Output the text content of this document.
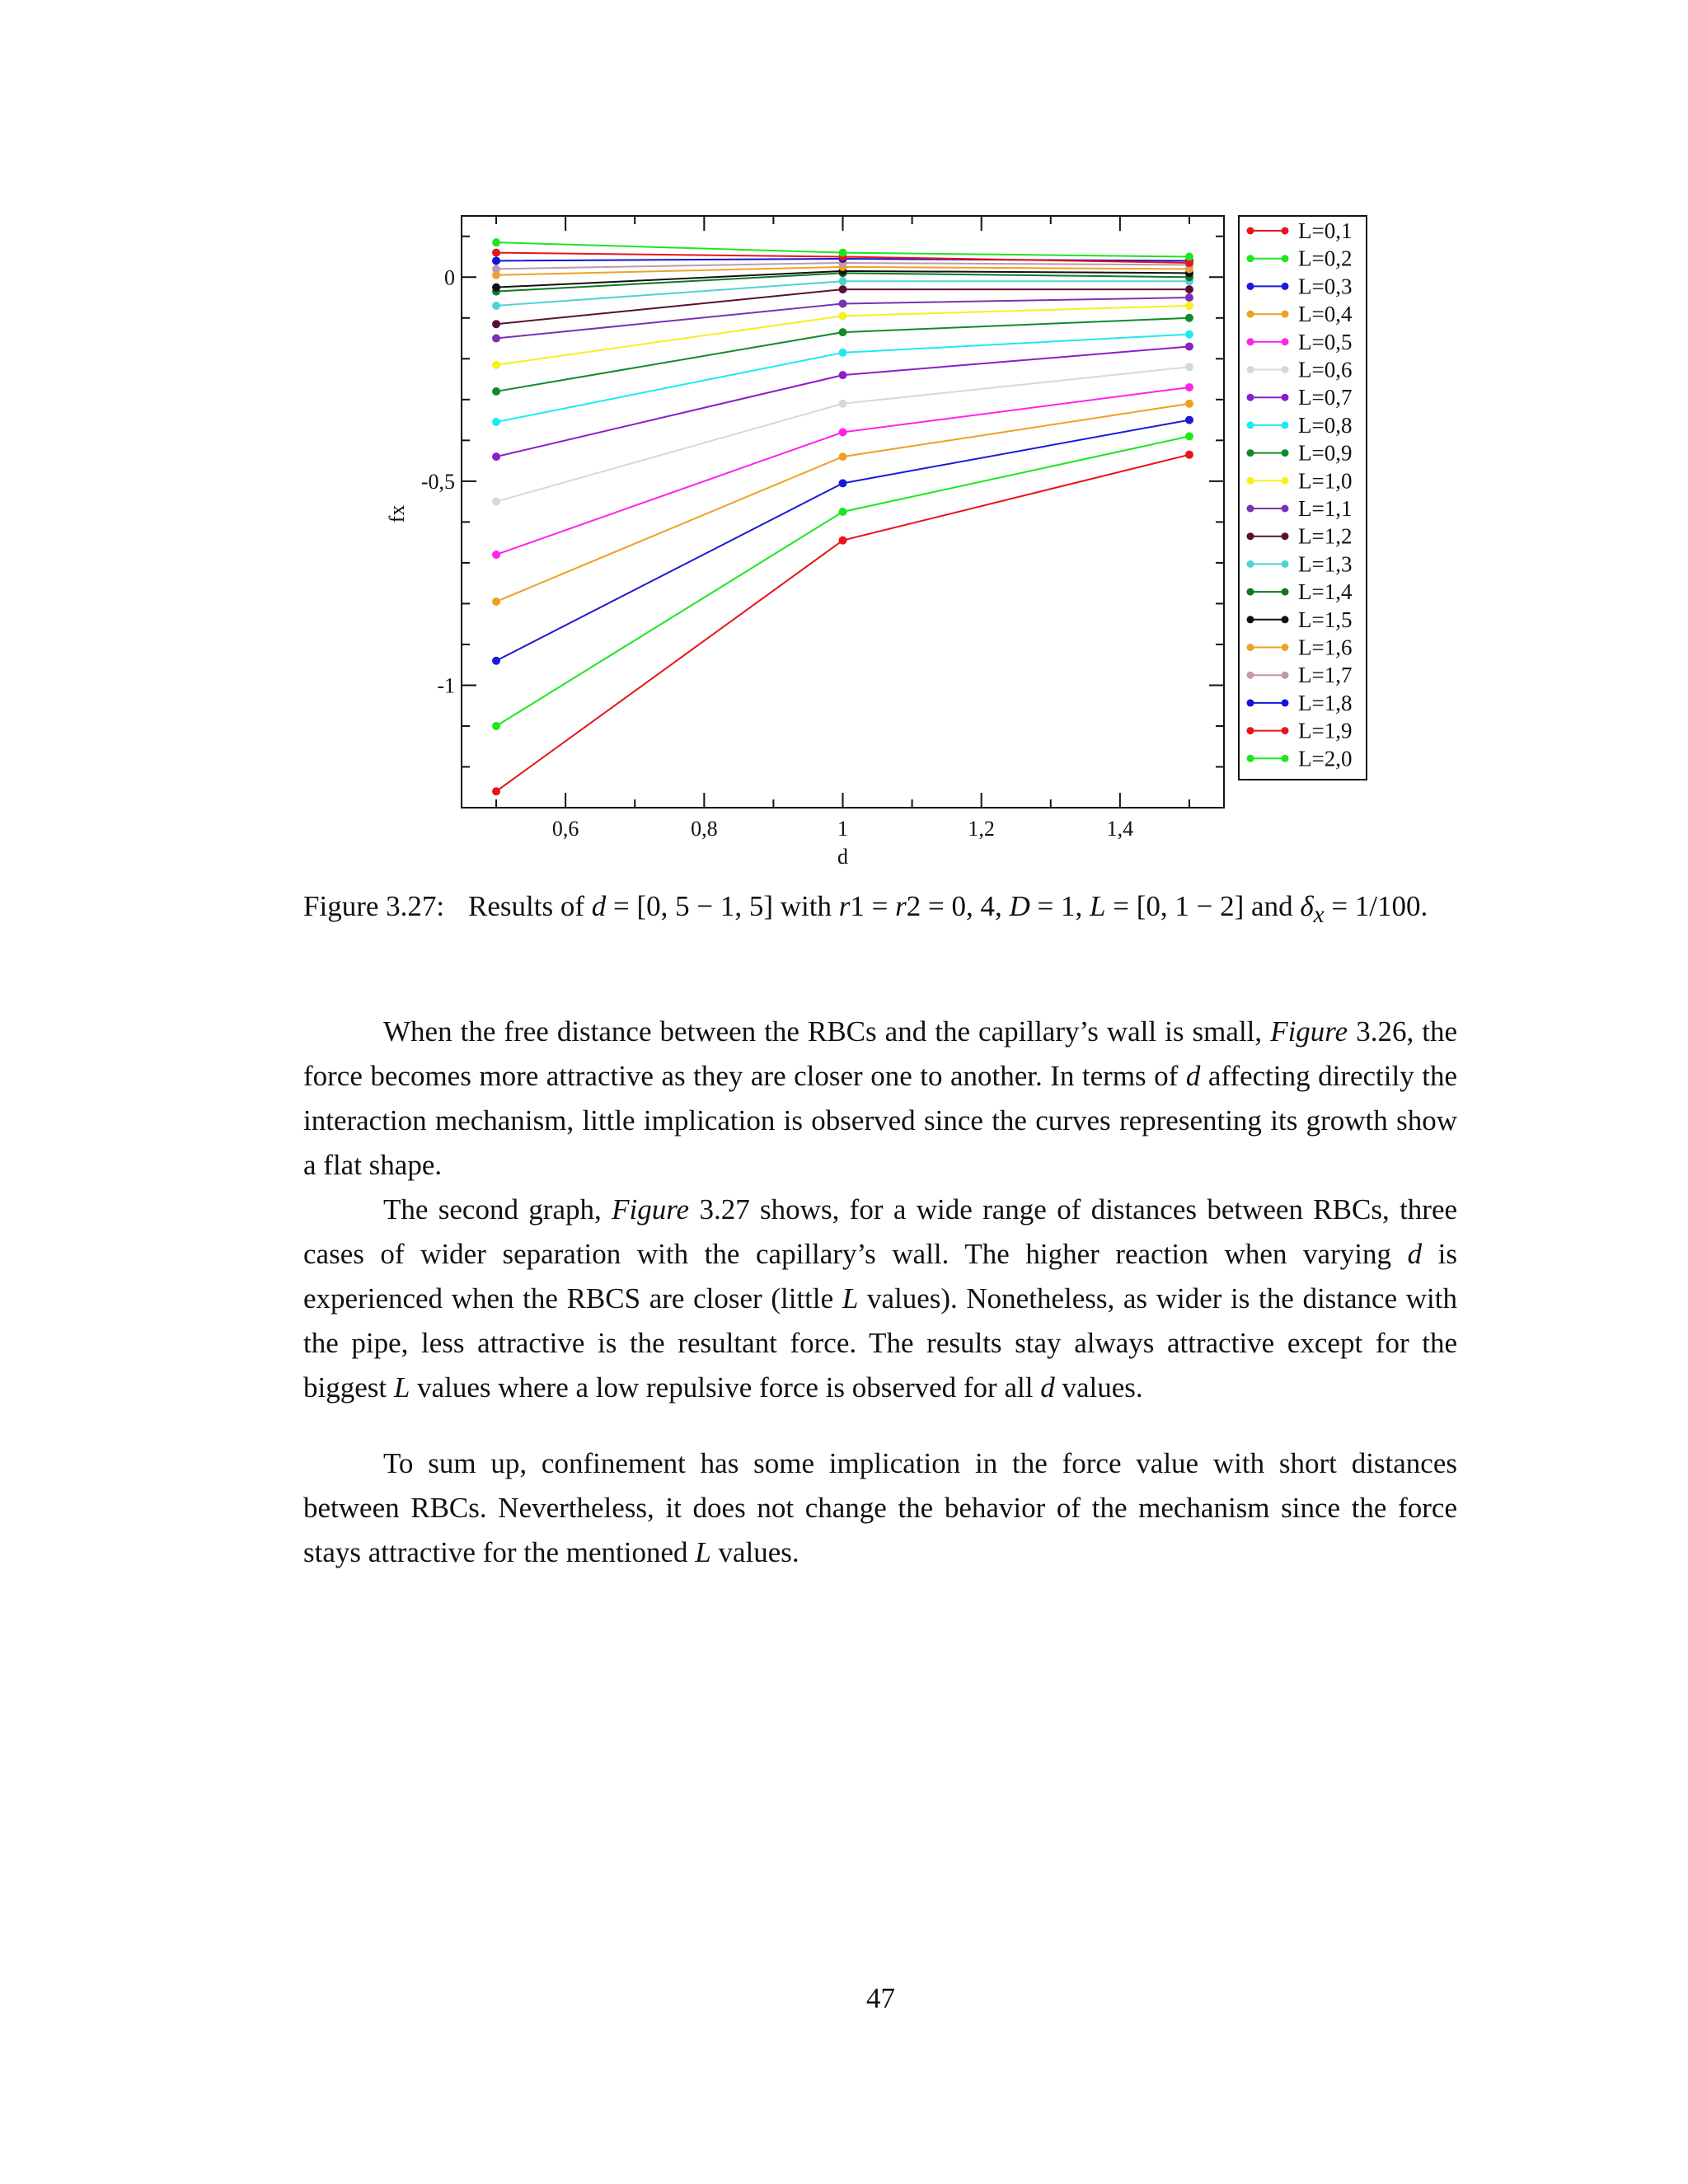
0,6	0,8	1	1,2	1,4
0
-0,5
-1
d
fx
L=0,1
L=0,2
L=0,3
L=0,4
L=0,5
L=0,6
L=0,7
L=0,8
L=0,9
L=1,0
L=1,1
L=1,2
L=1,3
L=1,4
L=1,5
L=1,6
L=1,7
L=1,8
L=1,9
L=2,0
Figure 3.27: Results of d = [0, 5 − 1, 5] with r1 = r2 = 0, 4, D = 1, L = [0, 1 − 2] and $\delta_x = 1/100$.

When the free distance between the RBCs and the capillary’s wall is small, Figure 3.26, the force becomes more attractive as they are closer one to another. In terms of d affecting directily the interaction mechanism, little implication is observed since the curves representing its growth show a flat shape.

The second graph, Figure 3.27 shows, for a wide range of distances between RBCs, three cases of wider separation with the capillary’s wall. The higher reaction when varying d is experienced when the RBCS are closer (little L values). Nonetheless, as wider is the distance with the pipe, less attractive is the resultant force. The results stay always attractive except for the biggest L values where a low repulsive force is observed for all d values.

To sum up, confinement has some implication in the force value with short distances between RBCs. Nevertheless, it does not change the behavior of the mechanism since the force stays attractive for the mentioned L values.

47
